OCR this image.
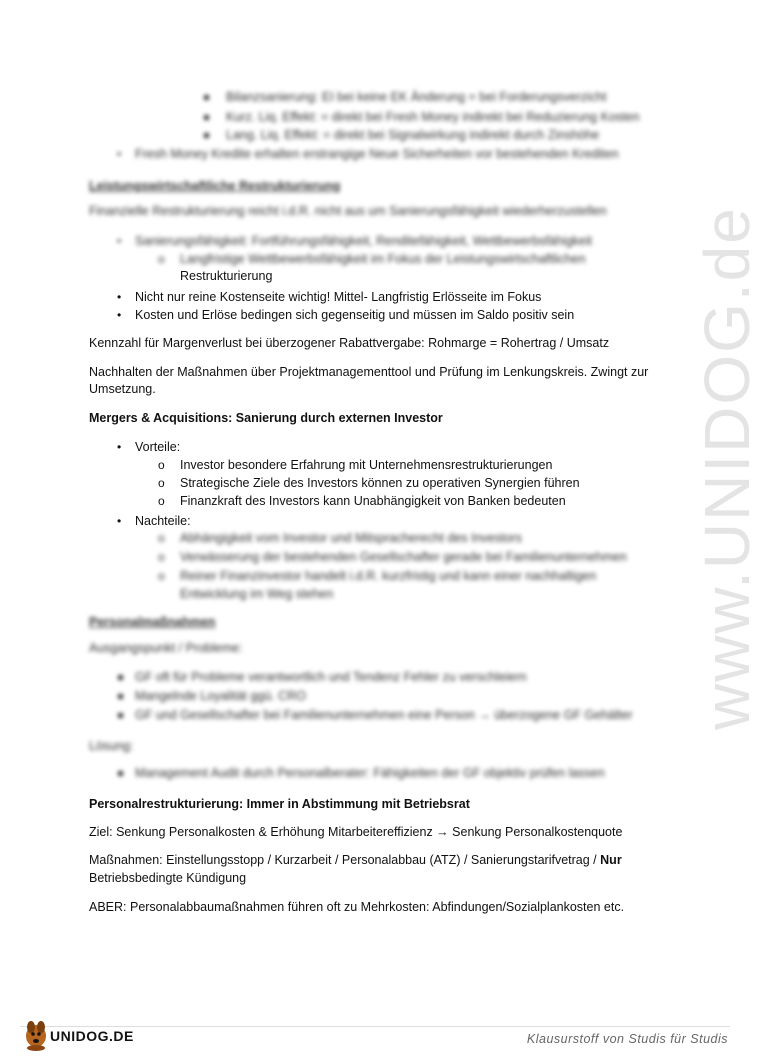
Bilanzsanierung: EI bei keine EK Änderung = bei Forderungsverzicht
Kurz. Liq. Effekt: = direkt bei Fresh Money indirekt bei Reduzierung Kosten
Lang. Liq. Effekt: = direkt bei Signalwirkung indirekt durch Zinshöhe
• Fresh Money Kredite erhalten erstrangige Neue Sicherheiten vor bestehenden Krediten
Leistungswirtschaftliche Restrukturierung
Finanzielle Restrukturierung reicht i.d.R. nicht aus um Sanierungsfähigkeit wiederherzustellen
• Sanierungsfähigkeit: Fortführungsfähigkeit, Renditefähigkeit, Wettbewerbsfähigkeit
o Langfristige Wettbewerbsfähigkeit im Fokus der Leistungswirtschaftlichen
Restrukturierung
• Nicht nur reine Kostenseite wichtig! Mittel- Langfristig Erlösseite im Fokus
• Kosten und Erlöse bedingen sich gegenseitig und müssen im Saldo positiv sein
Kennzahl für Margenverlust bei überzogener Rabattvergabe: Rohmarge = Rohertrag / Umsatz
Nachhalten der Maßnahmen über Projektmanagementtool und Prüfung im Lenkungskreis. Zwingt zur
Umsetzung.
Mergers & Acquisitions: Sanierung durch externen Investor
• Vorteile:
o Investor besondere Erfahrung mit Unternehmensrestrukturierungen
o Strategische Ziele des Investors können zu operativen Synergien führen
o Finanzkraft des Investors kann Unabhängigkeit von Banken bedeuten
• Nachteile:
o Abhängigkeit vom Investor und Mitspracherecht des Investors
o Verwässerung der bestehenden Gesellschafter gerade bei Familienunternehmen
o Reiner Finanzinvestor handelt i.d.R. kurzfristig und kann einer nachhaltigen
Entwicklung im Weg stehen
Personalmaßnahmen
Ausgangspunkt / Probleme:
GF oft für Probleme verantwortlich und Tendenz Fehler zu verschleiern
Mangelnde Loyalität ggü. CRO
GF und Gesellschafter bei Familienunternehmen eine Person → überzogene GF Gehälter
Lösung:
Management Audit durch Personalberater: Fähigkeiten der GF objektiv prüfen lassen
Personalrestrukturierung: Immer in Abstimmung mit Betriebsrat
Ziel: Senkung Personalkosten & Erhöhung Mitarbeitereffizienz → Senkung Personalkostenquote
Maßnahmen: Einstellungsstopp / Kurzarbeit / Personalabbau (ATZ) / Sanierungstarifvetrag / Nur
Betriebsbedingte Kündigung
ABER: Personalabbaumaßnahmen führen oft zu Mehrkosten: Abfindungen/Sozialplankosten etc.
www.UNIDOG.de
UNIDOG.DE	Klausurstoff von Studis für Studis
